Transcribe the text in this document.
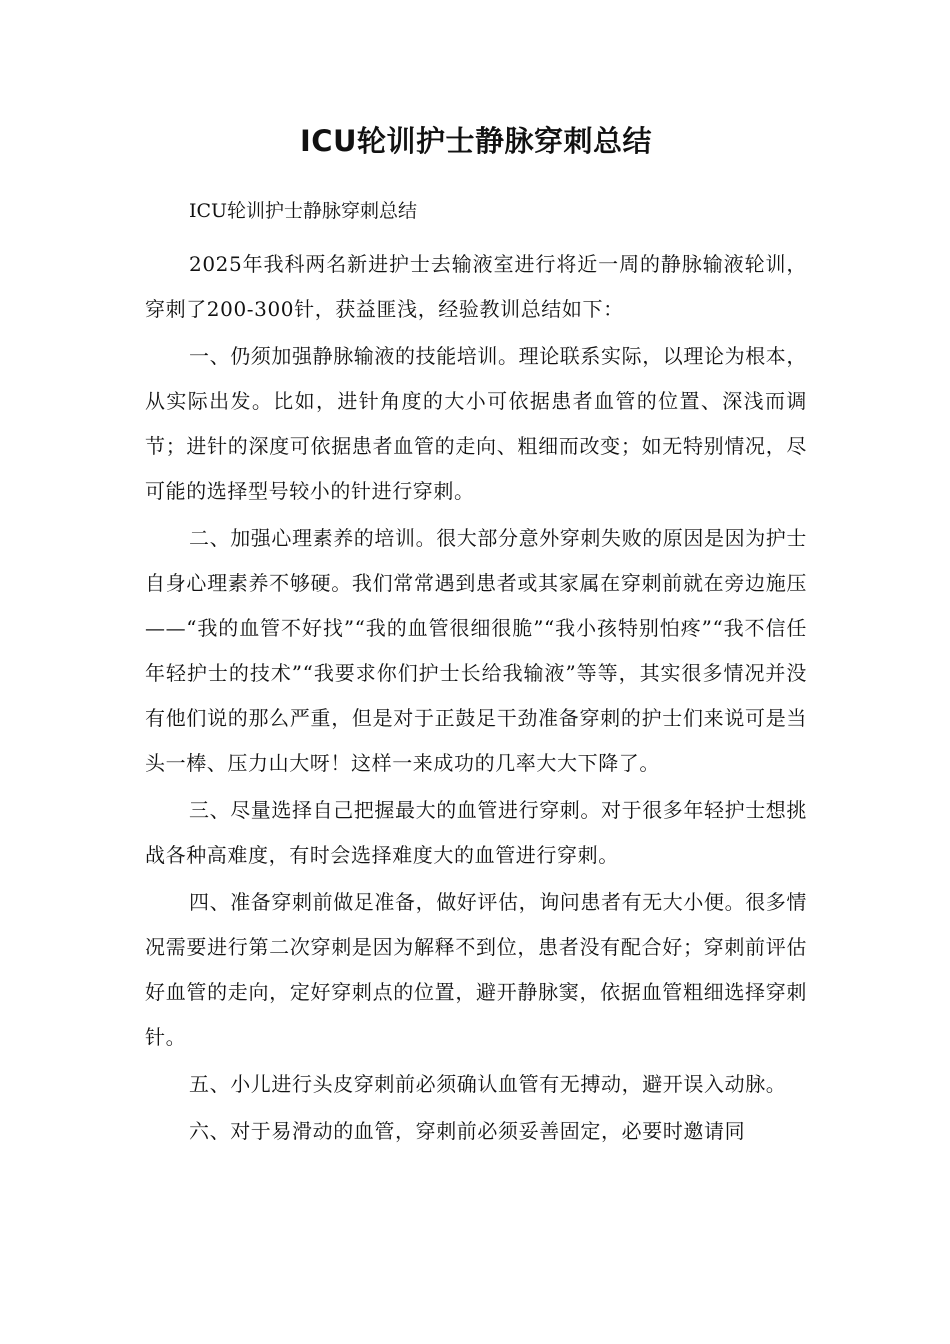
ICU轮训护士静脉穿刺总结

ICU轮训护士静脉穿刺总结

2025年我科两名新进护士去输液室进行将近一周的静脉输液轮训，穿刺了200-300针，获益匪浅，经验教训总结如下：

一、仍须加强静脉输液的技能培训。理论联系实际，以理论为根本，从实际出发。比如，进针角度的大小可依据患者血管的位置、深浅而调节；进针的深度可依据患者血管的走向、粗细而改变；如无特别情况，尽可能的选择型号较小的针进行穿刺。

二、加强心理素养的培训。很大部分意外穿刺失败的原因是因为护士自身心理素养不够硬。我们常常遇到患者或其家属在穿刺前就在旁边施压——“我的血管不好找”“我的血管很细很脆”“我小孩特别怕疼”“我不信任年轻护士的技术”“我要求你们护士长给我输液”等等，其实很多情况并没有他们说的那么严重，但是对于正鼓足干劲准备穿刺的护士们来说可是当头一棒、压力山大呀！这样一来成功的几率大大下降了。

三、尽量选择自己把握最大的血管进行穿刺。对于很多年轻护士想挑战各种高难度，有时会选择难度大的血管进行穿刺。

四、准备穿刺前做足准备，做好评估，询问患者有无大小便。很多情况需要进行第二次穿刺是因为解释不到位，患者没有配合好；穿刺前评估好血管的走向，定好穿刺点的位置，避开静脉窦，依据血管粗细选择穿刺针。

五、小儿进行头皮穿刺前必须确认血管有无搏动，避开误入动脉。

六、对于易滑动的血管，穿刺前必须妥善固定，必要时邀请同
